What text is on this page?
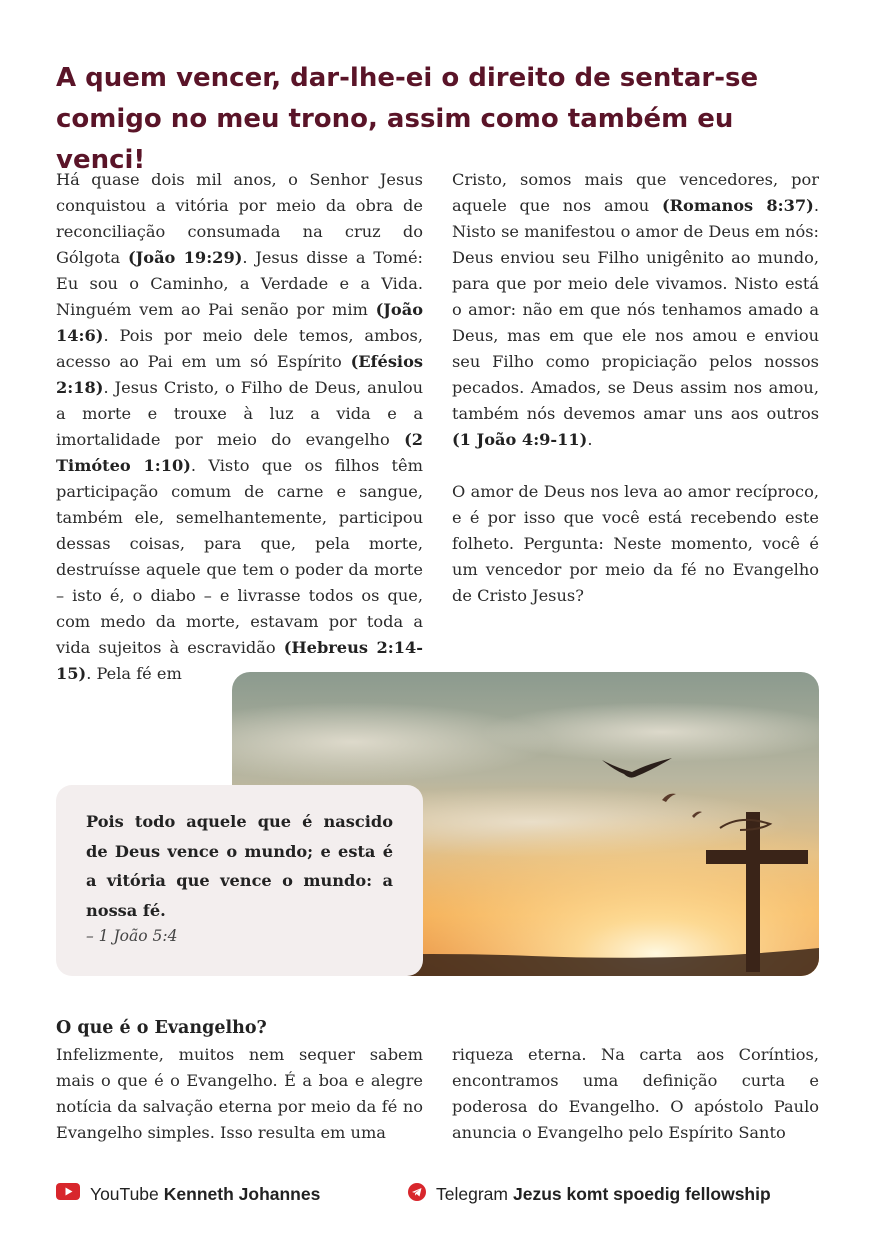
A quem vencer, dar-lhe-ei o direito de sentar-se comigo no meu trono, assim como também eu venci!

Há quase dois mil anos, o Senhor Jesus conquistou a vitória por meio da obra de reconciliação consumada na cruz do Gólgota (João 19:29). Jesus disse a Tomé: Eu sou o Caminho, a Verdade e a Vida. Ninguém vem ao Pai senão por mim (João 14:6). Pois por meio dele temos, ambos, acesso ao Pai em um só Espírito (Efésios 2:18). Jesus Cristo, o Filho de Deus, anulou a morte e trouxe à luz a vida e a imortalidade por meio do evangelho (2 Timóteo 1:10). Visto que os filhos têm participação comum de carne e sangue, também ele, semelhantemente, participou dessas coisas, para que, pela morte, destruísse aquele que tem o poder da morte – isto é, o diabo – e livrasse todos os que, com medo da morte, estavam por toda a vida sujeitos à escravidão (Hebreus 2:14-15). Pela fé em

Cristo, somos mais que vencedores, por aquele que nos amou (Romanos 8:37). Nisto se manifestou o amor de Deus em nós: Deus enviou seu Filho unigênito ao mundo, para que por meio dele vivamos. Nisto está o amor: não em que nós tenhamos amado a Deus, mas em que ele nos amou e enviou seu Filho como propiciação pelos nossos pecados. Amados, se Deus assim nos amou, também nós devemos amar uns aos outros (1 João 4:9-11).

O amor de Deus nos leva ao amor recíproco, e é por isso que você está recebendo este folheto. Pergunta: Neste momento, você é um vencedor por meio da fé no Evangelho de Cristo Jesus?

Pois todo aquele que é nascido de Deus vence o mundo; e esta é a vitória que vence o mundo: a nossa fé.

– 1 João 5:4

O que é o Evangelho?

Infelizmente, muitos nem sequer sabem mais o que é o Evangelho. É a boa e alegre notícia da salvação eterna por meio da fé no Evangelho simples. Isso resulta em uma

riqueza eterna. Na carta aos Coríntios, encontramos uma definição curta e poderosa do Evangelho. O apóstolo Paulo anuncia o Evangelho pelo Espírito Santo

YouTube Kenneth Johannes	Telegram Jezus komt spoedig fellowship
